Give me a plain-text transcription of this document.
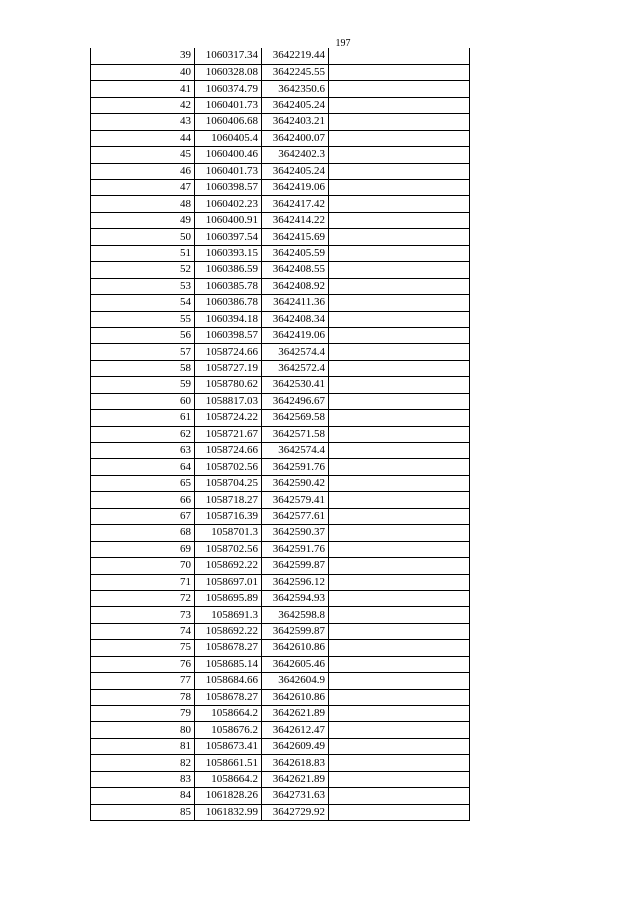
197
39	1060317.34	3642219.44	
40	1060328.08	3642245.55	
41	1060374.79	3642350.6	
42	1060401.73	3642405.24	
43	1060406.68	3642403.21	
44	1060405.4	3642400.07	
45	1060400.46	3642402.3	
46	1060401.73	3642405.24	
47	1060398.57	3642419.06	
48	1060402.23	3642417.42	
49	1060400.91	3642414.22	
50	1060397.54	3642415.69	
51	1060393.15	3642405.59	
52	1060386.59	3642408.55	
53	1060385.78	3642408.92	
54	1060386.78	3642411.36	
55	1060394.18	3642408.34	
56	1060398.57	3642419.06	
57	1058724.66	3642574.4	
58	1058727.19	3642572.4	
59	1058780.62	3642530.41	
60	1058817.03	3642496.67	
61	1058724.22	3642569.58	
62	1058721.67	3642571.58	
63	1058724.66	3642574.4	
64	1058702.56	3642591.76	
65	1058704.25	3642590.42	
66	1058718.27	3642579.41	
67	1058716.39	3642577.61	
68	1058701.3	3642590.37	
69	1058702.56	3642591.76	
70	1058692.22	3642599.87	
71	1058697.01	3642596.12	
72	1058695.89	3642594.93	
73	1058691.3	3642598.8	
74	1058692.22	3642599.87	
75	1058678.27	3642610.86	
76	1058685.14	3642605.46	
77	1058684.66	3642604.9	
78	1058678.27	3642610.86	
79	1058664.2	3642621.89	
80	1058676.2	3642612.47	
81	1058673.41	3642609.49	
82	1058661.51	3642618.83	
83	1058664.2	3642621.89	
84	1061828.26	3642731.63	
85	1061832.99	3642729.92	
